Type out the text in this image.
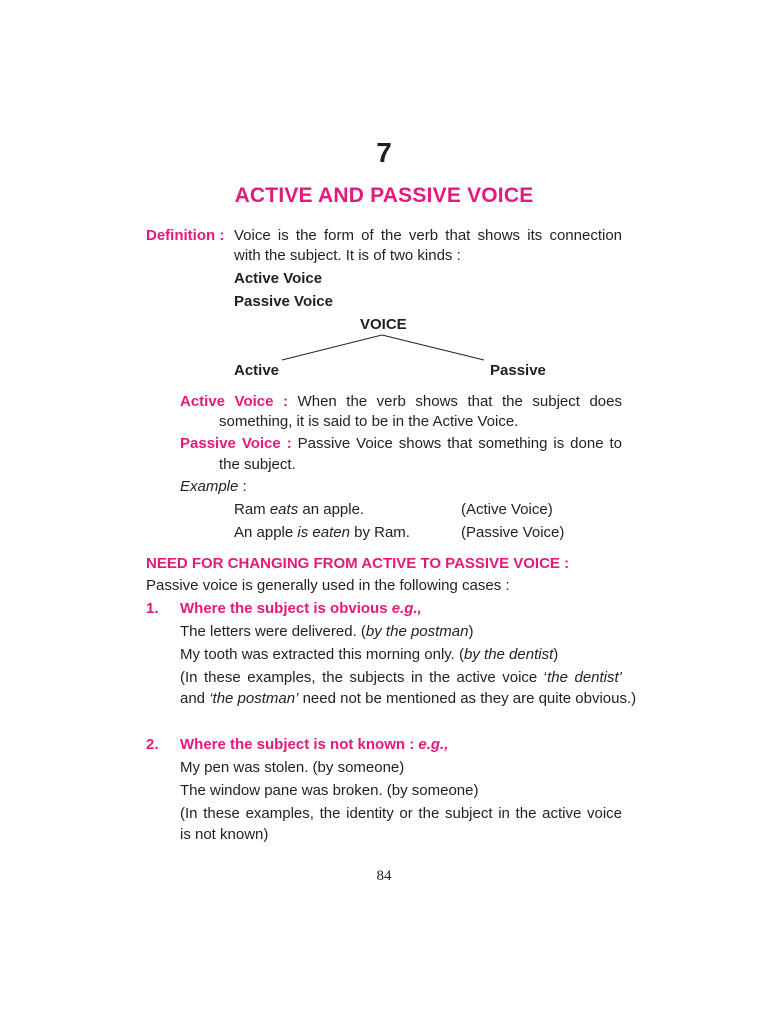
7
ACTIVE AND PASSIVE VOICE
Definition : Voice is the form of the verb that shows its connection
with the subject. It is of two kinds :
Active Voice
Passive Voice
VOICE
Active	Passive
Active Voice : When the verb shows that the subject does
something, it is said to be in the Active Voice.
Passive Voice : Passive Voice shows that something is done to
the subject.
Example :
Ram eats an apple.	(Active Voice)
An apple is eaten by Ram.	(Passive Voice)
NEED FOR CHANGING FROM ACTIVE TO PASSIVE VOICE :
Passive voice is generally used in the following cases :
1. Where the subject is obvious e.g.,
The letters were delivered. (by the postman)
My tooth was extracted this morning only. (by the dentist)
(In these examples, the subjects in the active voice ‘the dentist’
and ‘the postman’ need not be mentioned as they are quite obvious.)
2. Where the subject is not known : e.g.,
My pen was stolen. (by someone)
The window pane was broken. (by someone)
(In these examples, the identity or the subject in the active voice
is not known)
84
